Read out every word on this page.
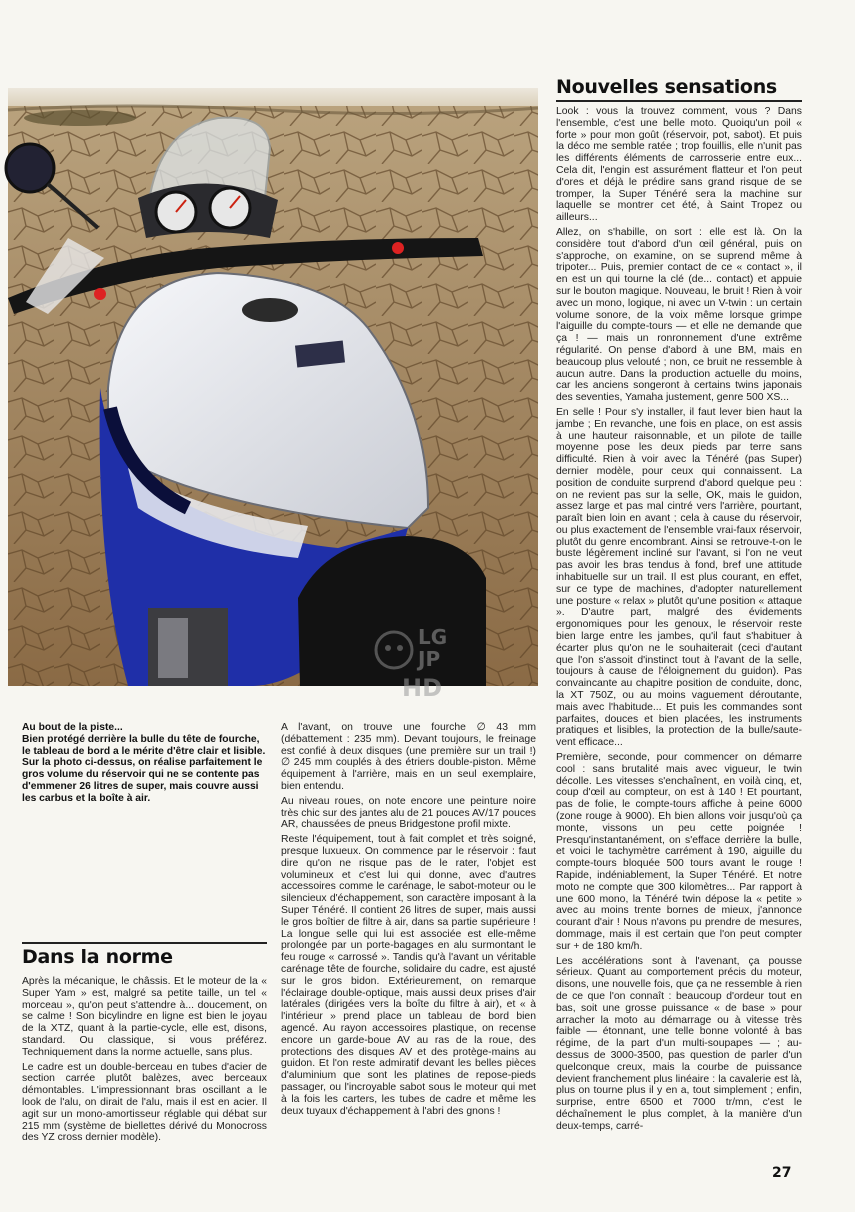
LG
JP
HD
Nouvelles sensations

Look : vous la trouvez comment, vous ? Dans l'ensemble, c'est une belle moto. Quoiqu'un poil « forte » pour mon goût (réservoir, pot, sabot). Et puis la déco me semble ratée ; trop fouillis, elle n'unit pas les différents éléments de carrosserie entre eux... Cela dit, l'engin est assurément flatteur et l'on peut d'ores et déjà le prédire sans grand risque de se tromper, la Super Ténéré sera la machine sur laquelle se montrer cet été, à Saint Tropez ou ailleurs...

Allez, on s'habille, on sort : elle est là. On la considère tout d'abord d'un œil général, puis on s'approche, on examine, on se suprend même à tripoter... Puis, premier contact de ce « contact », il en est un qui tourne la clé (de... contact) et appuie sur le bouton magique. Nouveau, le bruit ! Rien à voir avec un mono, logique, ni avec un V-twin : un certain volume sonore, de la voix même lorsque grimpe l'aiguille du compte-tours — et elle ne demande que ça ! — mais un ronronnement d'une extrême régularité. On pense d'abord à une BM, mais en beaucoup plus velouté ; non, ce bruit ne ressemble à aucun autre. Dans la production actuelle du moins, car les anciens songeront à certains twins japonais des seventies, Yamaha justement, genre 500 XS...

En selle ! Pour s'y installer, il faut lever bien haut la jambe ; En revanche, une fois en place, on est assis à une hauteur raisonnable, et un pilote de taille moyenne pose les deux pieds par terre sans difficulté. Rien à voir avec la Ténéré (pas Super) dernier modèle, pour ceux qui connaissent. La position de conduite surprend d'abord quelque peu : on ne revient pas sur la selle, OK, mais le guidon, assez large et pas mal cintré vers l'arrière, pourtant, paraît bien loin en avant ; cela à cause du réservoir, ou plus exactement de l'ensemble vrai-faux réservoir, plutôt du genre encombrant. Ainsi se retrouve-t-on le buste légèrement incliné sur l'avant, si l'on ne veut pas avoir les bras tendus à fond, bref une attitude inhabituelle sur un trail. Il est plus courant, en effet, sur ce type de machines, d'adopter naturellement une posture « relax » plutôt qu'une position « attaque ». D'autre part, malgré des évidements ergonomiques pour les genoux, le réservoir reste bien large entre les jambes, qu'il faut s'habituer à écarter plus qu'on ne le souhaiterait (ceci d'autant que l'on s'assoit d'instinct tout à l'avant de la selle, toujours à cause de l'éloignement du guidon). Pas convaincante au chapitre position de conduite, donc, la XT 750Z, ou au moins vaguement déroutante, mais avec l'habitude... Et puis les commandes sont parfaites, douces et bien placées, les instruments pratiques et lisibles, la protection de la bulle/saute-vent efficace...

Première, seconde, pour commencer on démarre cool : sans brutalité mais avec vigueur, le twin décolle. Les vitesses s'enchaînent, en voilà cinq, et, coup d'œil au compteur, on est à 140 ! Et pourtant, pas de folie, le compte-tours affiche à peine 6000 (zone rouge à 9000). Eh bien allons voir jusqu'où ça monte, vissons un peu cette poignée ! Presqu'instantanément, on s'efface derrière la bulle, et voici le tachymètre carrément à 190, aiguille du compte-tours bloquée 500 tours avant le rouge ! Rapide, indéniablement, la Super Ténéré. Et notre moto ne compte que 300 kilomètres... Par rapport à une 600 mono, la Ténéré twin dépose la « petite » avec au moins trente bornes de mieux, j'annonce courant d'air ! Nous n'avons pu prendre de mesures, dommage, mais il est certain que l'on peut compter sur + de 180 km/h.

Les accélérations sont à l'avenant, ça pousse sérieux. Quant au comportement précis du moteur, disons, une nouvelle fois, que ça ne ressemble à rien de ce que l'on connaît : beaucoup d'ordeur tout en bas, soit une grosse puissance « de base » pour arracher la moto au démarrage ou à vitesse très faible — étonnant, une telle bonne volonté à bas régime, de la part d'un multi-soupapes — ; au-dessus de 3000-3500, pas question de parler d'un quelconque creux, mais la courbe de puissance devient franchement plus linéaire : la cavalerie est là, plus on tourne plus il y en a, tout simplement ; enfin, surprise, entre 6500 et 7000 tr/mn, c'est le déchaînement le plus complet, à la manière d'un deux-temps, carré-

Au bout de la piste...
Bien protégé derrière la bulle du tête de fourche, le tableau de bord a le mérite d'être clair et lisible. Sur la photo ci-dessus, on réalise parfaitement le gros volume du réservoir qui ne se contente pas d'emmener 26 litres de super, mais couvre aussi les carbus et la boîte à air.

A l'avant, on trouve une fourche ∅ 43 mm (débattement : 235 mm). Devant toujours, le freinage est confié à deux disques (une première sur un trail !) ∅ 245 mm couplés à des étriers double-piston. Même équipement à l'arrière, mais en un seul exemplaire, bien entendu.

Au niveau roues, on note encore une peinture noire très chic sur des jantes alu de 21 pouces AV/17 pouces AR, chaussées de pneus Bridgestone profil mixte.

Reste l'équipement, tout à fait complet et très soigné, presque luxueux. On commence par le réservoir : faut dire qu'on ne risque pas de le rater, l'objet est volumineux et c'est lui qui donne, avec d'autres accessoires comme le carénage, le sabot-moteur ou le silencieux d'échappement, son caractère imposant à la Super Ténéré. Il contient 26 litres de super, mais aussi le gros boîtier de filtre à air, dans sa partie supérieure ! La longue selle qui lui est associée est elle-même prolongée par un porte-bagages en alu surmontant le feu rouge « carrossé ». Tandis qu'à l'avant un véritable carénage tête de fourche, solidaire du cadre, est ajusté sur le gros bidon. Extérieurement, on remarque l'éclairage double-optique, mais aussi deux prises d'air latérales (dirigées vers la boîte du filtre à air), et « à l'intérieur » prend place un tableau de bord bien agencé. Au rayon accessoires plastique, on recense encore un garde-boue AV au ras de la roue, des protections des disques AV et des protège-mains au guidon. Et l'on reste admiratif devant les belles pièces d'aluminium que sont les platines de repose-pieds passager, ou l'incroyable sabot sous le moteur qui met à la fois les carters, les tubes de cadre et même les deux tuyaux d'échappement à l'abri des gnons !

Dans la norme

Après la mécanique, le châssis. Et le moteur de la « Super Yam » est, malgré sa petite taille, un tel « morceau », qu'on peut s'attendre à... doucement, on se calme ! Son bicylindre en ligne est bien le joyau de la XTZ, quant à la partie-cycle, elle est, disons, standard. Ou classique, si vous préférez. Techniquement dans la norme actuelle, sans plus.

Le cadre est un double-berceau en tubes d'acier de section carrée plutôt balèzes, avec berceaux démontables. L'impressionnant bras oscillant a le look de l'alu, on dirait de l'alu, mais il est en acier. Il agit sur un mono-amortisseur réglable qui débat sur 215 mm (système de biellettes dérivé du Monocross des YZ cross dernier modèle).

27
